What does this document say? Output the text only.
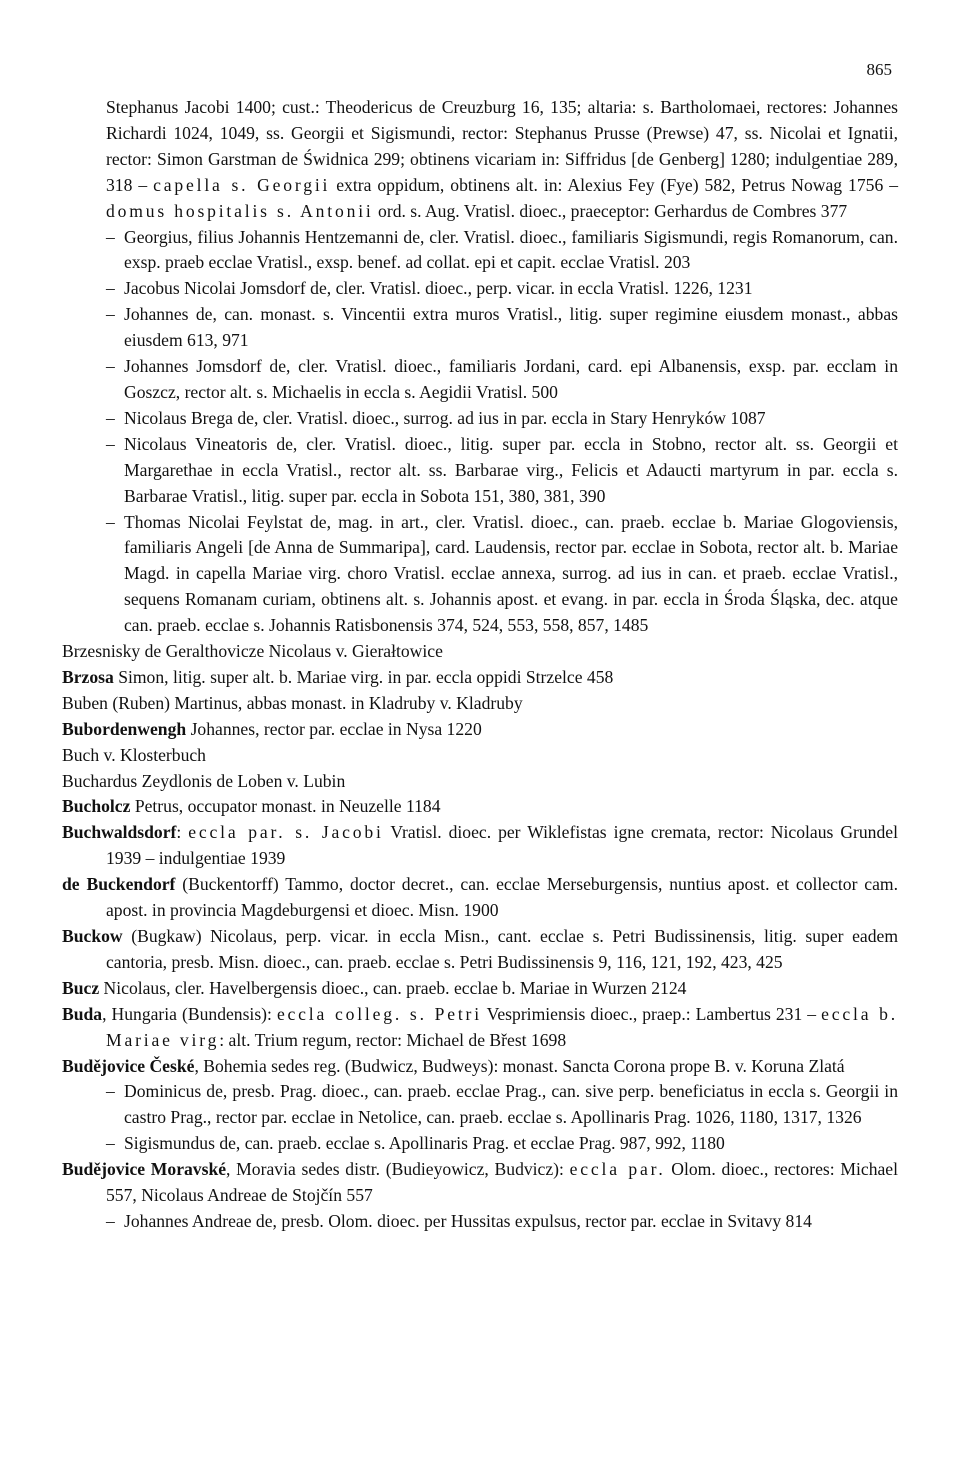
865
Stephanus Jacobi 1400; cust.: Theodericus de Creuzburg 16, 135; altaria: s. Bartholomaei, rectores: Johannes Richardi 1024, 1049, ss. Georgii et Sigismundi, rector: Stephanus Prusse (Prewse) 47, ss. Nicolai et Ignatii, rector: Simon Garstman de Świdnica 299; obtinens vicariam in: Siffridus [de Genberg] 1280; indulgentiae 289, 318 – capella s. Georgii extra oppidum, obtinens alt. in: Alexius Fey (Fye) 582, Petrus Nowag 1756 – domus hospitalis s. Antonii ord. s. Aug. Vratisl. dioec., praeceptor: Gerhardus de Combres 377
– Georgius, filius Johannis Hentzemanni de, cler. Vratisl. dioec., familiaris Sigismundi, regis Romanorum, can. exsp. praeb ecclae Vratisl., exsp. benef. ad collat. epi et capit. ecclae Vratisl. 203
– Jacobus Nicolai Jomsdorf de, cler. Vratisl. dioec., perp. vicar. in eccla Vratisl. 1226, 1231
– Johannes de, can. monast. s. Vincentii extra muros Vratisl., litig. super regimine eiusdem monast., abbas eiusdem 613, 971
– Johannes Jomsdorf de, cler. Vratisl. dioec., familiaris Jordani, card. epi Albanensis, exsp. par. ecclam in Goszcz, rector alt. s. Michaelis in eccla s. Aegidii Vratisl. 500
– Nicolaus Brega de, cler. Vratisl. dioec., surrog. ad ius in par. eccla in Stary Henryków 1087
– Nicolaus Vineatoris de, cler. Vratisl. dioec., litig. super par. eccla in Stobno, rector alt. ss. Georgii et Margarethae in eccla Vratisl., rector alt. ss. Barbarae virg., Felicis et Adaucti martyrum in par. eccla s. Barbarae Vratisl., litig. super par. eccla in Sobota 151, 380, 381, 390
– Thomas Nicolai Feylstat de, mag. in art., cler. Vratisl. dioec., can. praeb. ecclae b. Mariae Glogoviensis, familiaris Angeli [de Anna de Summaripa], card. Laudensis, rector par. ecclae in Sobota, rector alt. b. Mariae Magd. in capella Mariae virg. choro Vratisl. ecclae annexa, surrog. ad ius in can. et praeb. ecclae Vratisl., sequens Romanam curiam, obtinens alt. s. Johannis apost. et evang. in par. eccla in Środa Śląska, dec. atque can. praeb. ecclae s. Johannis Ratisbonensis 374, 524, 553, 558, 857, 1485
Brzesnisky de Geralthovicze Nicolaus v. Gierałtowice
Brzosa Simon, litig. super alt. b. Mariae virg. in par. eccla oppidi Strzelce 458
Buben (Ruben) Martinus, abbas monast. in Kladruby v. Kladruby
Bubordenwengh Johannes, rector par. ecclae in Nysa 1220
Buch v. Klosterbuch
Buchardus Zeydlonis de Loben v. Lubin
Bucholcz Petrus, occupator monast. in Neuzelle 1184
Buchwaldsdorf: eccla par. s. Jacobi Vratisl. dioec. per Wiklefistas igne cremata, rector: Nicolaus Grundel 1939 – indulgentiae 1939
de Buckendorf (Buckentorff) Tammo, doctor decret., can. ecclae Merseburgensis, nuntius apost. et collector cam. apost. in provincia Magdeburgensi et dioec. Misn. 1900
Buckow (Bugkaw) Nicolaus, perp. vicar. in eccla Misn., cant. ecclae s. Petri Budissinensis, litig. super eadem cantoria, presb. Misn. dioec., can. praeb. ecclae s. Petri Budissinensis 9, 116, 121, 192, 423, 425
Bucz Nicolaus, cler. Havelbergensis dioec., can. praeb. ecclae b. Mariae in Wurzen 2124
Buda, Hungaria (Bundensis): eccla colleg. s. Petri Vesprimiensis dioec., praep.: Lambertus 231 – eccla b. Mariae virg: alt. Trium regum, rector: Michael de Břest 1698
Budějovice České, Bohemia sedes reg. (Budwicz, Budweys): monast. Sancta Corona prope B. v. Koruna Zlatá
– Dominicus de, presb. Prag. dioec., can. praeb. ecclae Prag., can. sive perp. beneficiatus in eccla s. Georgii in castro Prag., rector par. ecclae in Netolice, can. praeb. ecclae s. Apollinaris Prag. 1026, 1180, 1317, 1326
– Sigismundus de, can. praeb. ecclae s. Apollinaris Prag. et ecclae Prag. 987, 992, 1180
Budějovice Moravské, Moravia sedes distr. (Budieyowicz, Budvicz): eccla par. Olom. dioec., rectores: Michael 557, Nicolaus Andreae de Stojčín 557
– Johannes Andreae de, presb. Olom. dioec. per Hussitas expulsus, rector par. ecclae in Svitavy 814
